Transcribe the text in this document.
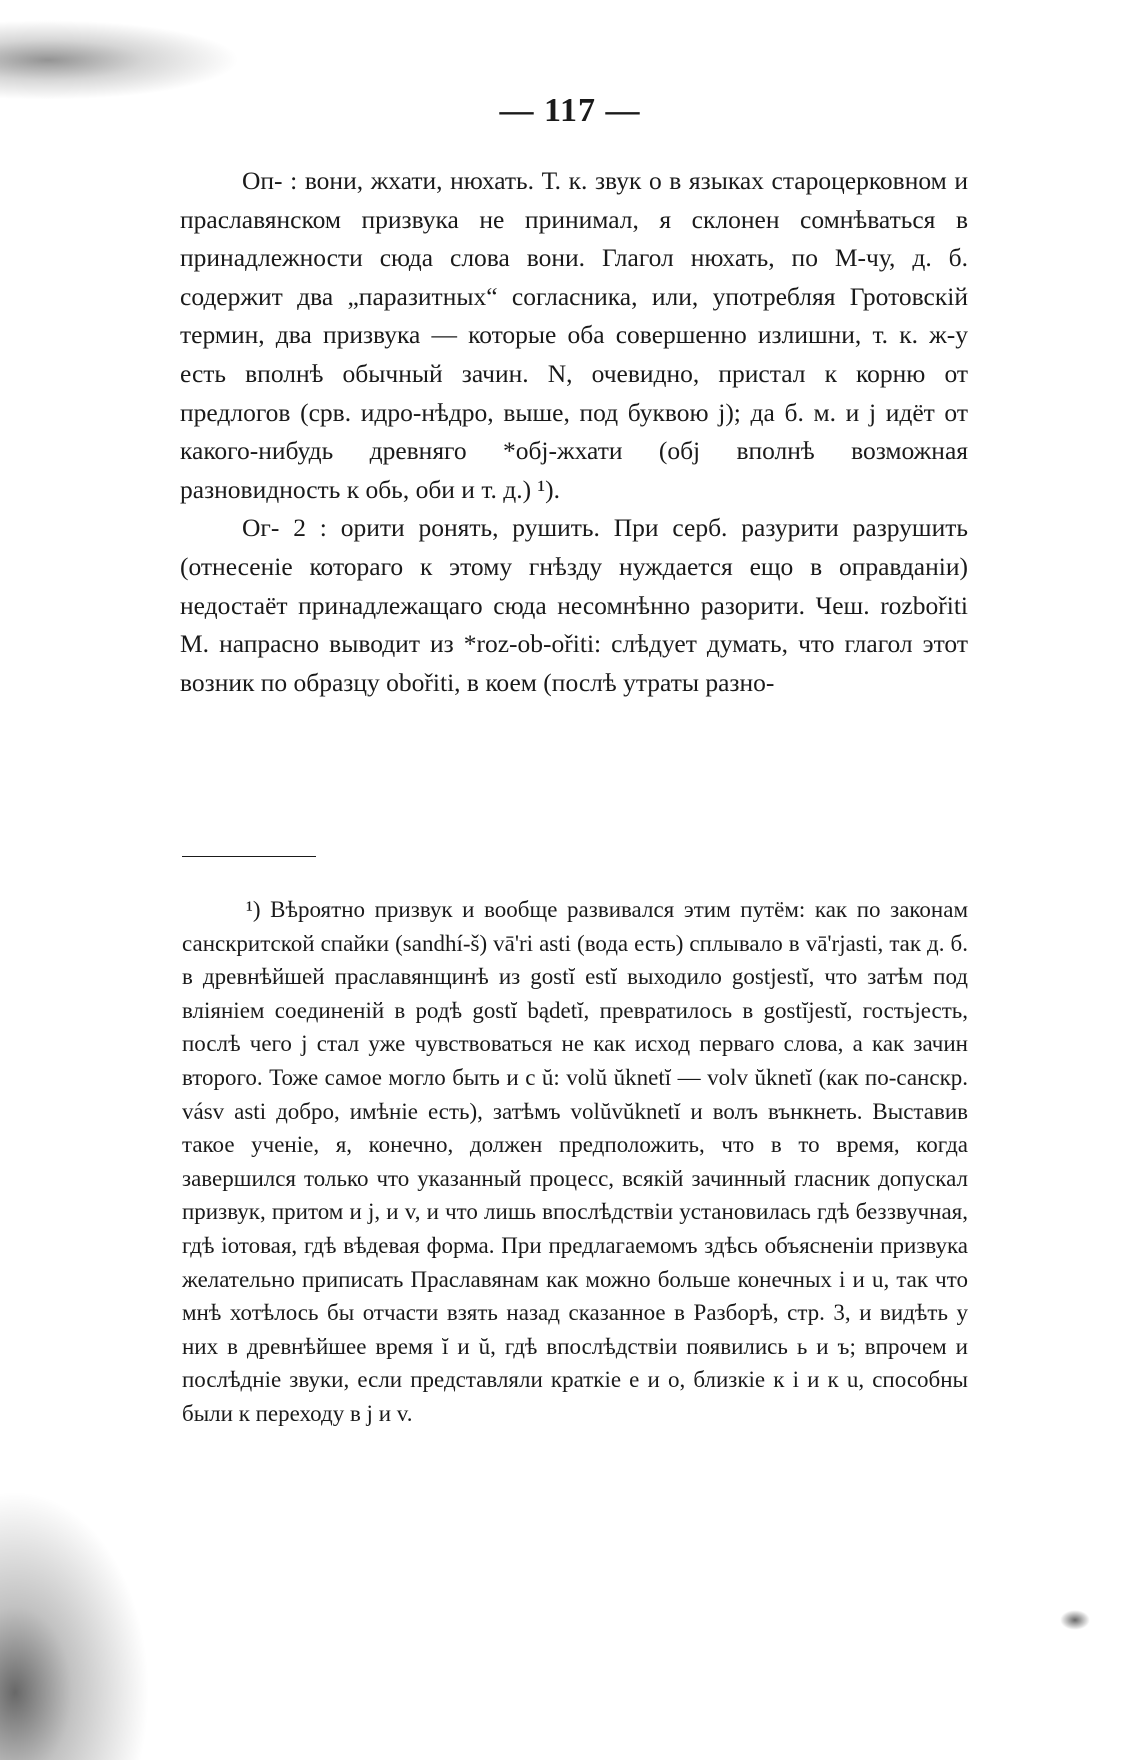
— 117 —

Оп- : вони, жхати, нюхать. Т. к. звук о в языках староцерковном и праславянском призвука не принимал, я склонен сомнѣваться в принадлежности сюда слова вони. Глагол нюхать, по М-чу, д. б. содержит два „паразитных“ согласника, или, употребляя Гротовскій термин, два призвука — которые оба совершенно излишни, т. к. ж-у есть вполнѣ обычный зачин. N, очевидно, пристал к корню от предлогов (срв. идро-нѣдро, выше, под буквою j); да б. м. и j идёт от какого-нибудь древняго *обj-жхати (обj вполнѣ возможная разновидность к обь, оби и т. д.) ¹).

Ог- 2 : орити ронять, рушить. При серб. разурити разрушить (отнесеніе котораго к этому гнѣзду нуждается ещо в оправданіи) недостаёт принадлежащаго сюда несомнѣнно разорити. Чеш. rozbořiti М. напрасно выводит из *roz-ob-ořiti: слѣдует думать, что глагол этот возник по образцу obořiti, в коем (послѣ утраты разно-

¹) Вѣроятно призвук и вообще развивался этим путём: как по законам санскритской спайки (sandhí-š) vā'ri asti (вода есть) сплывало в vā'rjasti, так д. б. в древнѣйшей праславянщинѣ из gostĭ estĭ выходило gostjestĭ, что затѣм под вліяніем соединеній в родѣ gostĭ bądetĭ, превратилось в gostĭjestĭ, гостьјесть, послѣ чего j стал уже чувствоваться не как исход перваго слова, а как зачин второго. Тоже самое могло быть и с ŭ: volŭ ŭknetĭ — volv ŭknetĭ (как по-санскр. vásv asti добро, имѣніе есть), затѣмъ volŭvŭknetĭ и волъ вънкнеть. Выставив такое ученіе, я, конечно, должен предположить, что в то время, когда завершился только что указанный процесс, всякій зачинный гласник допускал призвук, притом и j, и v, и что лишь впослѣдствіи установилась гдѣ беззвучная, гдѣ іотовая, гдѣ вѣдевая форма. При предлагаемомъ здѣсь объясненіи призвука желательно приписать Праславянам как можно больше конечных і и u, так что мнѣ хотѣлось бы отчасти взять назад сказанное в Разборѣ, стр. 3, и видѣть у них в древнѣйшее время ĭ и ŭ, гдѣ впослѣдствіи появились ь и ъ; впрочем и послѣдніе звуки, если представляли краткіе е и о, близкіе к і и к u, способны были к переходу в j и v.
